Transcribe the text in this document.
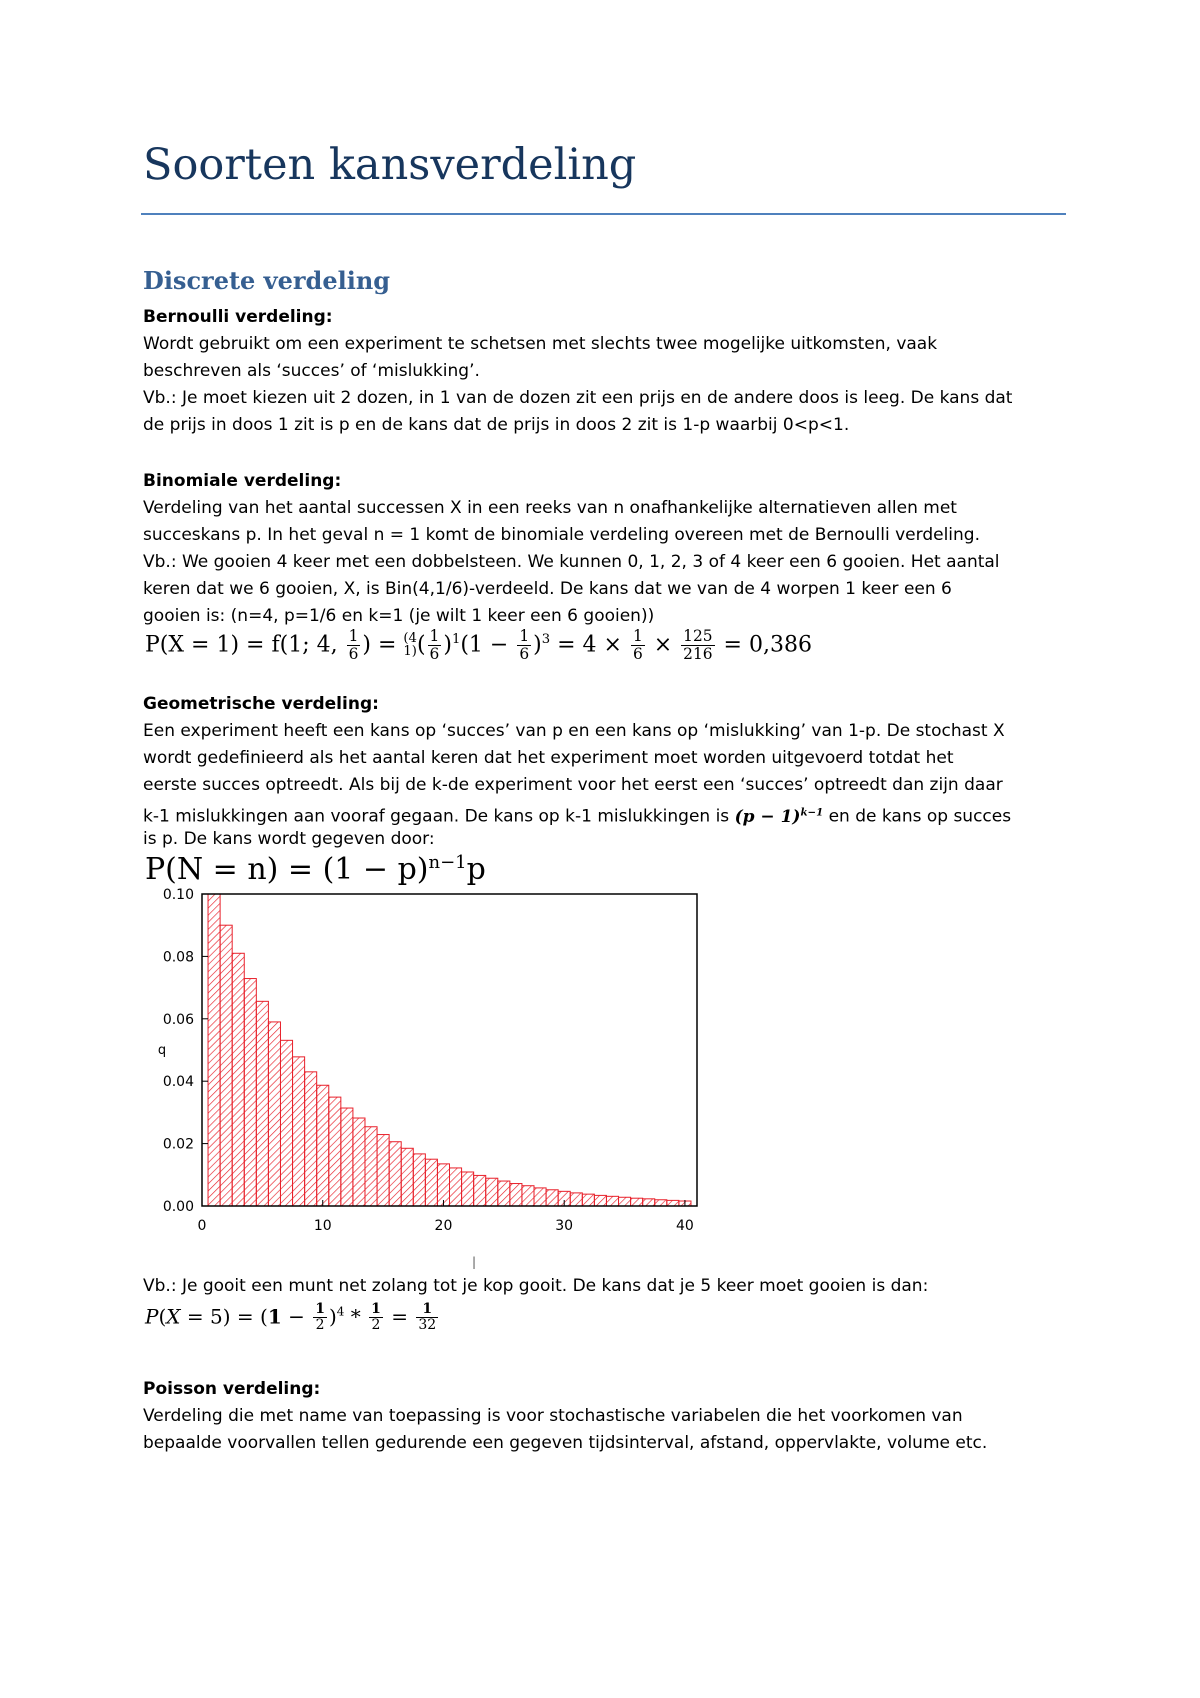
Soorten kansverdeling
Discrete verdeling
Bernoulli verdeling:
Wordt gebruikt om een experiment te schetsen met slechts twee mogelijke uitkomsten, vaak
beschreven als ‘succes’ of ‘mislukking’.
Vb.: Je moet kiezen uit 2 dozen, in 1 van de dozen zit een prijs en de andere doos is leeg. De kans dat
de prijs in doos 1 zit is p en de kans dat de prijs in doos 2 zit is 1-p waarbij 0<p<1.
Binomiale verdeling:
Verdeling van het aantal successen X in een reeks van n onafhankelijke alternatieven allen met
succeskans p. In het geval n = 1 komt de binomiale verdeling overeen met de Bernoulli verdeling.
Vb.: We gooien 4 keer met een dobbelsteen. We kunnen 0, 1, 2, 3 of 4 keer een 6 gooien. Het aantal
keren dat we 6 gooien, X, is Bin(4,1/6)-verdeeld. De kans dat we van de 4 worpen 1 keer een 6
gooien is: (n=4, p=1/6 en k=1 (je wilt 1 keer een 6 gooien))
P(X = 1) = f(1; 4, $\frac{1}{6}$ ) = (4
$1)( \frac{1}{6} )^1(1 - \frac{1}{6} )^3 = 4 \times \frac{1}{6} \times \frac{125}{216} = 0,386$
Geometrische verdeling:
Een experiment heeft een kans op ‘succes’ van p en een kans op ‘mislukking’ van 1-p. De stochast X
wordt gedefinieerd als het aantal keren dat het experiment moet worden uitgevoerd totdat het
eerste succes optreedt. Als bij de k-de experiment voor het eerst een ‘succes’ optreedt dan zijn daar
k-1 mislukkingen aan vooraf gegaan. De kans op k-1 mislukkingen is $(p - 1)^{k-1}$ en de kans op succes
is p. De kans wordt gegeven door:
$P(N = n) = (1 - p)^{n-1}p$
0.00
0.02
0.04
0.06
0.08
0.10
0	10	20	30	40
q
|
Vb.: Je gooit een munt net zolang tot je kop gooit. De kans dat je 5 keer moet gooien is dan:
$P(X = 5) = (1 - \frac{1}{2} )^4 * \frac{1}{2} = \frac{1}{32}$
Poisson verdeling:
Verdeling die met name van toepassing is voor stochastische variabelen die het voorkomen van
bepaalde voorvallen tellen gedurende een gegeven tijdsinterval, afstand, oppervlakte, volume etc.
